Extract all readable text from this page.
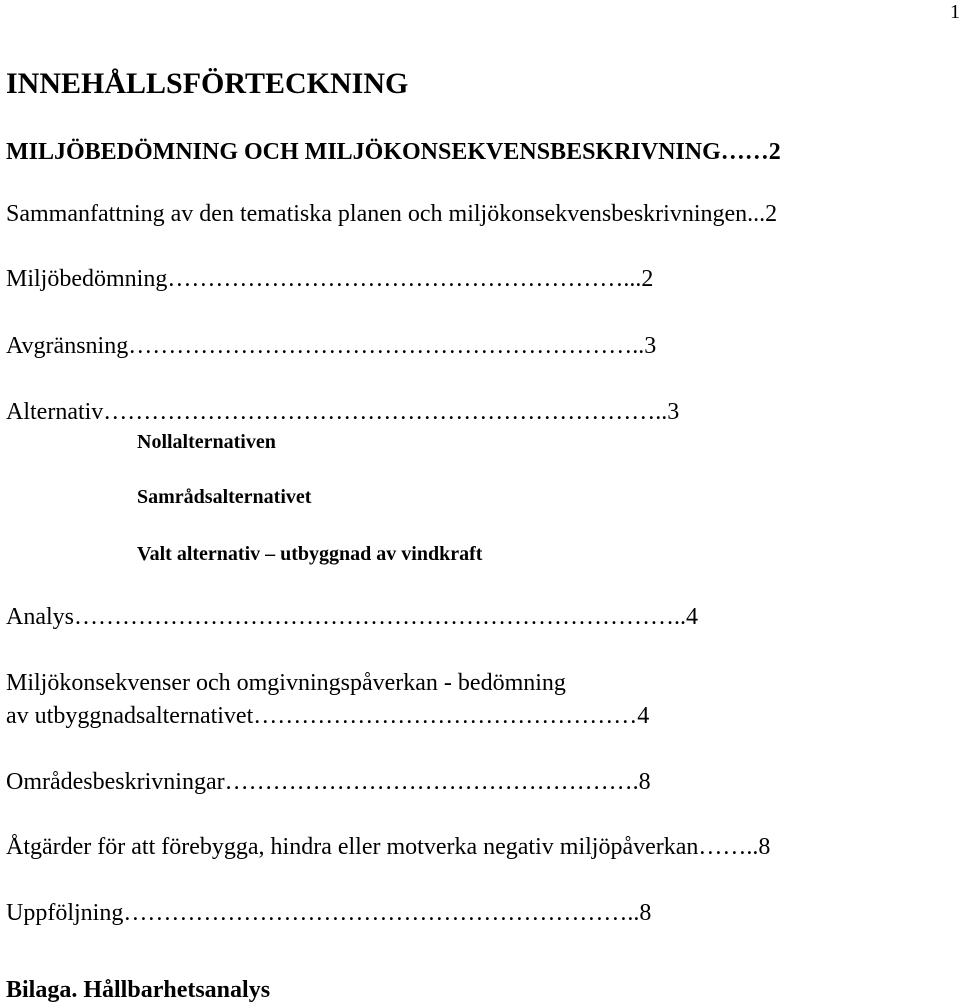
1
INNEHÅLLSFÖRTECKNING
MILJÖBEDÖMNING OCH MILJÖKONSEKVENSBESKRIVNING……2
Sammanfattning av den tematiska planen och miljökonsekvensbeskrivningen...2
Miljöbedömning…………………………………………………...2
Avgränsning………………………………………………………..3
Alternativ……………………………………………………………..3
Nollalternativen
Samrådsalternativet
Valt alternativ – utbyggnad av vindkraft
Analys…………………………………………………………………..4
Miljökonsekvenser och omgivningspåverkan - bedömning
av utbyggnadsalternativet…………………………………………4
Områdesbeskrivningar…………………………………………….8
Åtgärder för att förebygga, hindra eller motverka negativ miljöpåverkan……..8
Uppföljning………………………………………………………..8
Bilaga. Hållbarhetsanalys
